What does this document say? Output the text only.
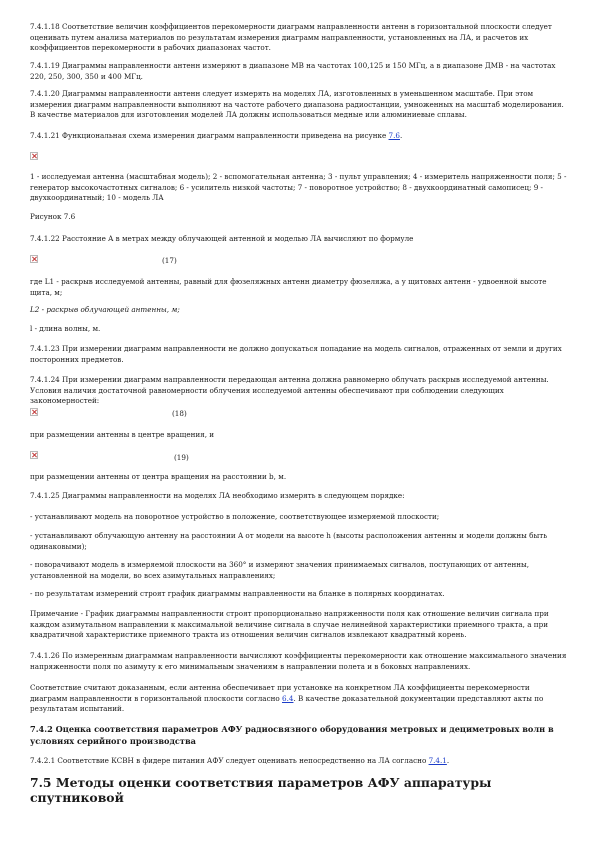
7.4.1.18 Соответствие величин коэффициентов перекомерности диаграмм направленности антенн в горизонтальной плоскости следует оценивать путем анализа материалов по результатам измерения диаграмм направленности, установленных на ЛА, и расчетов их коэффициентов перекомерности в рабочих диапазонах частот.

7.4.1.19 Диаграммы направленности антенн измеряют в диапазоне МВ на частотах 100,125 и 150 МГц, а в диапазоне ДМВ - на частотах 220, 250, 300, 350 и 400 МГц.

7.4.1.20 Диаграммы направленности антенн следует измерять на моделях ЛА, изготовленных в уменьшенном масштабе. При этом измерения диаграмм направленности выполняют на частоте рабочего диапазона радиостанции, умноженных на масштаб моделирования. В качестве материалов для изготовления моделей ЛА должны использоваться медные или алюминиевые сплавы.

7.4.1.21 Функциональная схема измерения диаграмм направленности приведена на рисунке 7.6.

1 - исследуемая антенна (масштабная модель); 2 - вспомогательная антенна; 3 - пульт управления; 4 - измеритель напряженности поля; 5 - генератор высокочастотных сигналов; 6 - усилитель низкой частоты; 7 - поворотное устройство; 8 - двухкоординатный самописец; 9 - двухкоординатный; 10 - модель ЛА

Рисунок 7.6

7.4.1.22 Расстояние A в метрах между облучающей антенной и моделью ЛА вычисляют по формуле

(17)

где L1 - раскрыв исследуемой антенны, равный для фюзеляжных антенн диаметру фюзеляжа, а у щитовых антенн - удвоенной высоте щита, м;

L2 - раскрыв облучающей антенны, м;

l - длина волны, м.

7.4.1.23 При измерении диаграмм направленности не должно допускаться попадание на модель сигналов, отраженных от земли и других посторонних предметов.

7.4.1.24 При измерении диаграмм направленности передающая антенна должна равномерно облучать раскрыв исследуемой антенны. Условия наличия достаточной равномерности облучения исследуемой антенны обеспечивают при соблюдении следующих закономерностей:

(18)

при размещении антенны в центре вращения, и

(19)

при размещении антенны от центра вращения на расстоянии b, м.

7.4.1.25 Диаграммы направленности на моделях ЛА необходимо измерять в следующем порядке:

- устанавливают модель на поворотное устройство в положение, соответствующее измеряемой плоскости;

- устанавливают облучающую антенну на расстоянии A от модели на высоте h (высоты расположения антенны и модели должны быть одинаковыми);

- поворачивают модель в измеряемой плоскости на 360° и измеряют значения принимаемых сигналов, поступающих от антенны, установленной на модели, во всех азимутальных направлениях;

- по результатам измерений строят график диаграммы направленности на бланке в полярных координатах.

Примечание - График диаграммы направленности строят пропорционально напряженности поля как отношение величин сигнала при каждом азимутальном направлении к максимальной величине сигнала в случае нелинейной характеристики приемного тракта, а при квадратичной характеристике приемного тракта из отношения величин сигналов извлекают квадратный корень.

7.4.1.26 По измеренным диаграммам направленности вычисляют коэффициенты перекомерности как отношение максимального значения напряженности поля по азимуту к его минимальным значениям в направлении полета и в боковых направлениях.

Соответствие считают доказанным, если антенна обеспечивает при установке на конкретном ЛА коэффициенты перекомерности диаграмм направленности в горизонтальной плоскости согласно 6.4. В качестве доказательной документации представляют акты по результатам испытаний.

7.4.2 Оценка соответствия параметров АФУ радиосвязного оборудования метровых и дециметровых волн в условиях серийного производства

7.4.2.1 Соответствие КСВН в фидере питания АФУ следует оценивать непосредственно на ЛА согласно 7.4.1.

7.5 Методы оценки соответствия параметров АФУ аппаратуры спутниковой
